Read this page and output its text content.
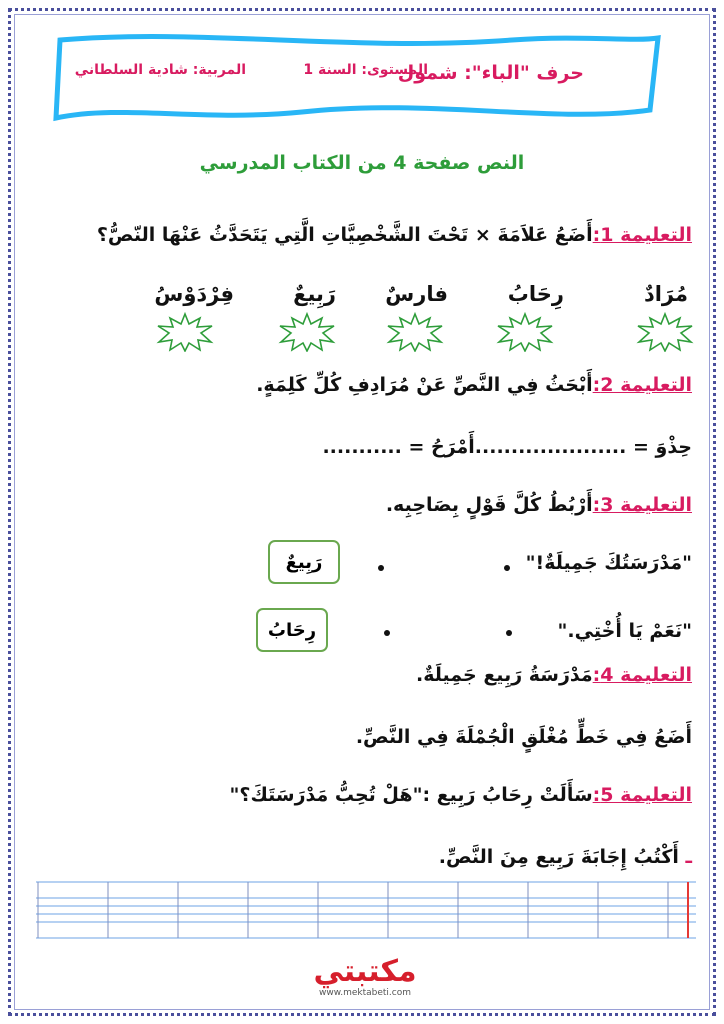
حرف "الباء": شمول
المستوى: السنة 1
المربية: شادية السلطاني
النص صفحة 4 من الكتاب المدرسي
التعليمة 1:أَضَعُ عَلاَمَةَ × تَحْتَ الشَّخْصِيَّاتِ الَّتِي يَتَحَدَّثُ عَنْهَا النّصُّ؟
مُرَادٌ
رِحَابُ
فارسٌ
رَبِيعٌ
فِرْدَوْسُ
التعليمة 2:أَبْحَثُ فِي النَّصِّ عَنْ مُرَادِفِ كُلِّ كَلِمَةٍ.
حِذْوَ = .....................أَمْرَحُ = ...........
التعليمة 3:أَرْبُطُ كُلَّ قَوْلٍ بِصَاحِبِه.
"مَدْرَسَتُكَ جَمِيلَةٌ!"
رَبِيعٌ
"نَعَمْ يَا أُخْتِي."
رِحَابُ
التعليمة 4:مَدْرَسَةُ رَبِيع جَمِيلَةٌ.
أَضَعُ فِي خَطٍّ مُغْلَقٍ الْجُمْلَةَ فِي النَّصِّ.
التعليمة 5:سَأَلَتْ رِحَابُ رَبِيع :"هَلْ تُحِبُّ مَدْرَسَتَكَ؟"
ـ أَكْتُبُ إِجَابَةَ رَبِيع مِنَ النَّصِّ.
مكتبتي
www.mektabeti.com
